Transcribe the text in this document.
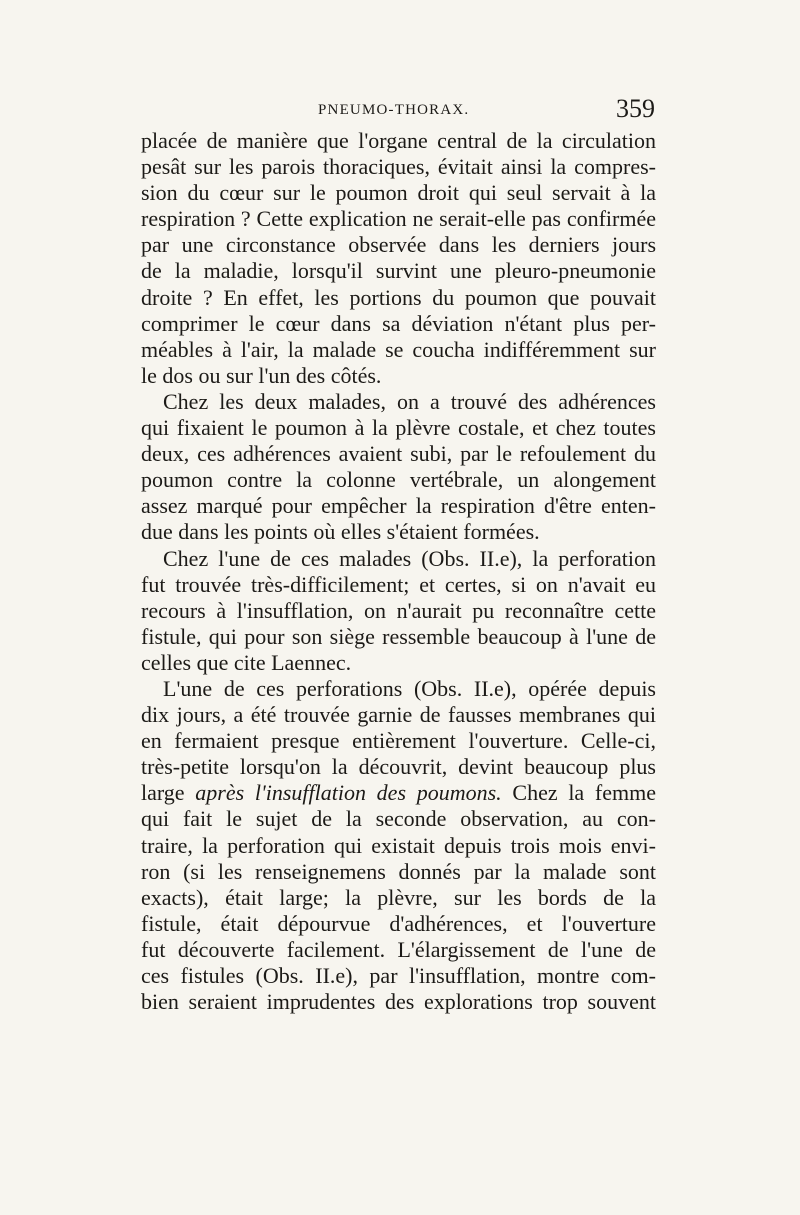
PNEUMO-THORAX.	359
placée de manière que l'organe central de la circulation
pesât sur les parois thoraciques, évitait ainsi la compres-
sion du cœur sur le poumon droit qui seul servait à la
respiration ? Cette explication ne serait-elle pas confirmée
par une circonstance observée dans les derniers jours
de la maladie, lorsqu'il survint une pleuro-pneumonie
droite ? En effet, les portions du poumon que pouvait
comprimer le cœur dans sa déviation n'étant plus per-
méables à l'air, la malade se coucha indifféremment sur
le dos ou sur l'un des côtés.
Chez les deux malades, on a trouvé des adhérences
qui fixaient le poumon à la plèvre costale, et chez toutes
deux, ces adhérences avaient subi, par le refoulement du
poumon contre la colonne vertébrale, un alongement
assez marqué pour empêcher la respiration d'être enten-
due dans les points où elles s'étaient formées.
Chez l'une de ces malades (Obs. II.e), la perforation
fut trouvée très-difficilement; et certes, si on n'avait eu
recours à l'insufflation, on n'aurait pu reconnaître cette
fistule, qui pour son siège ressemble beaucoup à l'une de
celles que cite Laennec.
L'une de ces perforations (Obs. II.e), opérée depuis
dix jours, a été trouvée garnie de fausses membranes qui
en fermaient presque entièrement l'ouverture. Celle-ci,
très-petite lorsqu'on la découvrit, devint beaucoup plus
large après l'insufflation des poumons. Chez la femme
qui fait le sujet de la seconde observation, au con-
traire, la perforation qui existait depuis trois mois envi-
ron (si les renseignemens donnés par la malade sont
exacts), était large; la plèvre, sur les bords de la
fistule, était dépourvue d'adhérences, et l'ouverture
fut découverte facilement. L'élargissement de l'une de
ces fistules (Obs. II.e), par l'insufflation, montre com-
bien seraient imprudentes des explorations trop souvent
